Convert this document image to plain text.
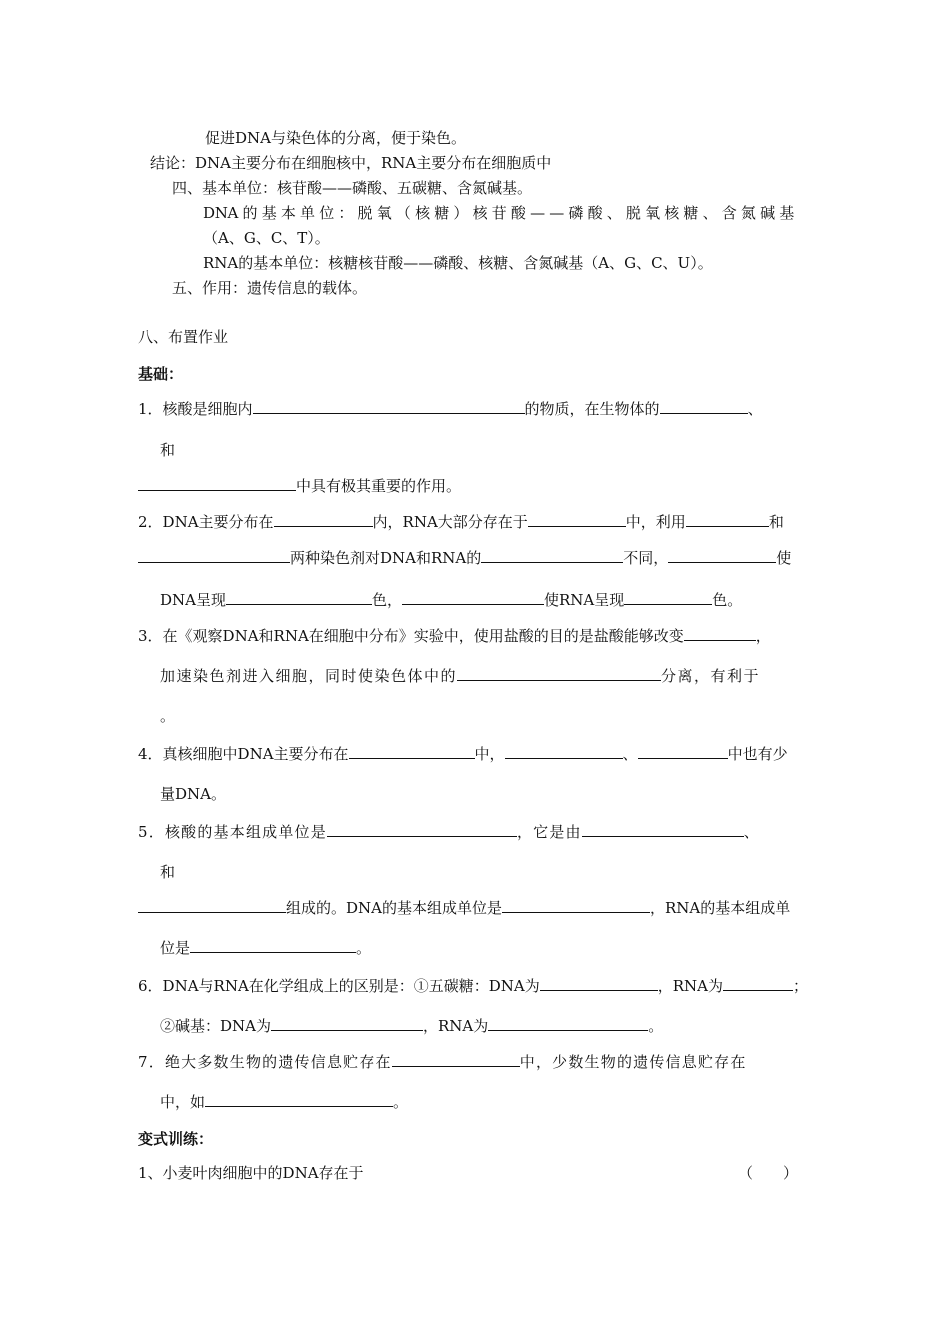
促进DNA与染色体的分离，便于染色。
结论：DNA主要分布在细胞核中，RNA主要分布在细胞质中
四、基本单位：核苷酸——磷酸、五碳糖、含氮碱基。
DNA 的 基 本 单 位 ： 脱 氧 （ 核 糖 ） 核 苷 酸 — — 磷 酸 、 脱 氧 核 糖 、 含 氮 碱 基
（A、G、C、T）。
RNA的基本单位：核糖核苷酸——磷酸、核糖、含氮碱基（A、G、C、U）。
五、作用：遗传信息的载体。
八、布置作业
基础：
1．核酸是细胞内	的物质，在生物体的	、
和
中具有极其重要的作用。
2．DNA主要分布在	内，RNA大部分存在于	中，利用	和
两种染色剂对DNA和RNA的	不同，	使
DNA呈现	色，	使RNA呈现	色。
3．在《观察DNA和RNA在细胞中分布》实验中，使用盐酸的目的是盐酸能够改变	，
加速染色剂进入细胞，同时使染色体中的	分离，有利于
。
4．真核细胞中DNA主要分布在	中，	、	中也有少
量DNA。
5．核酸的基本组成单位是	，它是由	、
和
组成的。DNA的基本组成单位是	，RNA的基本组成单
位是	。
6．DNA与RNA在化学组成上的区别是：①五碳糖：DNA为	，RNA为	；
②碱基：DNA为	，RNA为	。
7．绝大多数生物的遗传信息贮存在	中，少数生物的遗传信息贮存在
中，如	。
变式训练：
1、小麦叶肉细胞中的DNA存在于	（　　）
